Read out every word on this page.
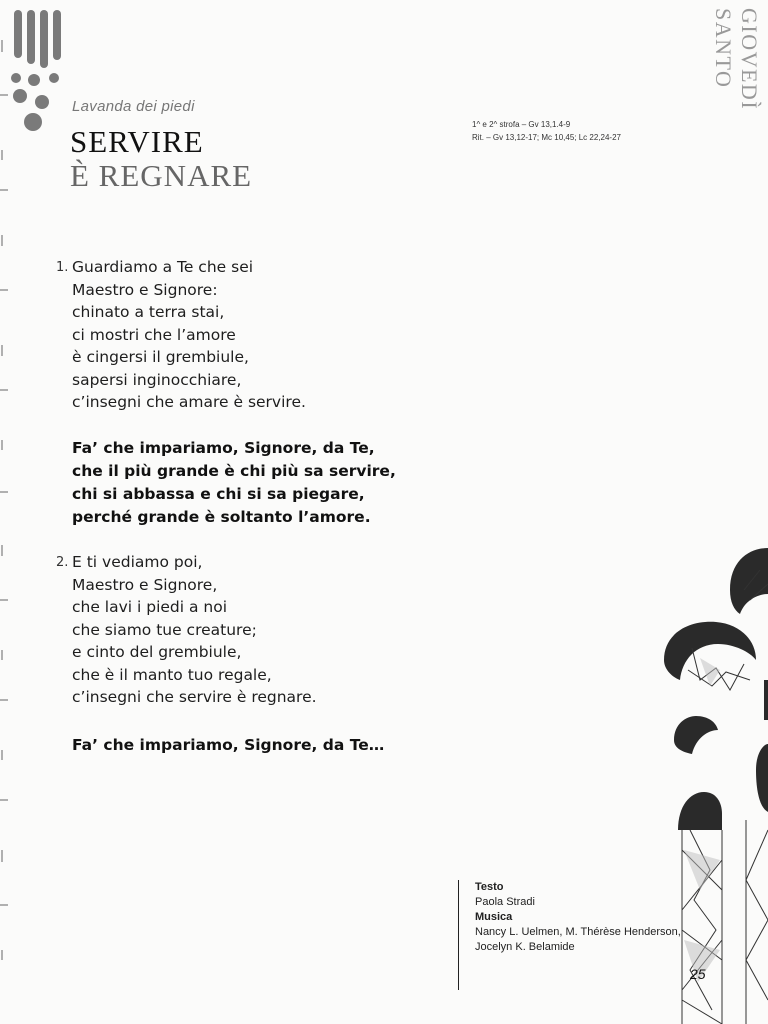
Lavanda dei piedi
SERVIRE
È REGNARE
1^ e 2^ strofa – Gv 13,1.4-9
Rit. – Gv 13,12-17; Mc 10,45; Lc 22,24-27
GIOVEDÌ SANTO
1. Guardiamo a Te che sei
Maestro e Signore:
chinato a terra stai,
ci mostri che l’amore
è cingersi il grembiule,
sapersi inginocchiare,
c’insegni che amare è servire.
Fa’ che impariamo, Signore, da Te,
che il più grande è chi più sa servire,
chi si abbassa e chi si sa piegare,
perché grande è soltanto l’amore.
2. E ti vediamo poi,
Maestro e Signore,
che lavi i piedi a noi
che siamo tue creature;
e cinto del grembiule,
che è il manto tuo regale,
c’insegni che servire è regnare.
Fa’ che impariamo, Signore, da Te…
Testo
Paola Stradi
Musica
Nancy L. Uelmen, M. Thérèse Henderson,
Jocelyn K. Belamide
25
